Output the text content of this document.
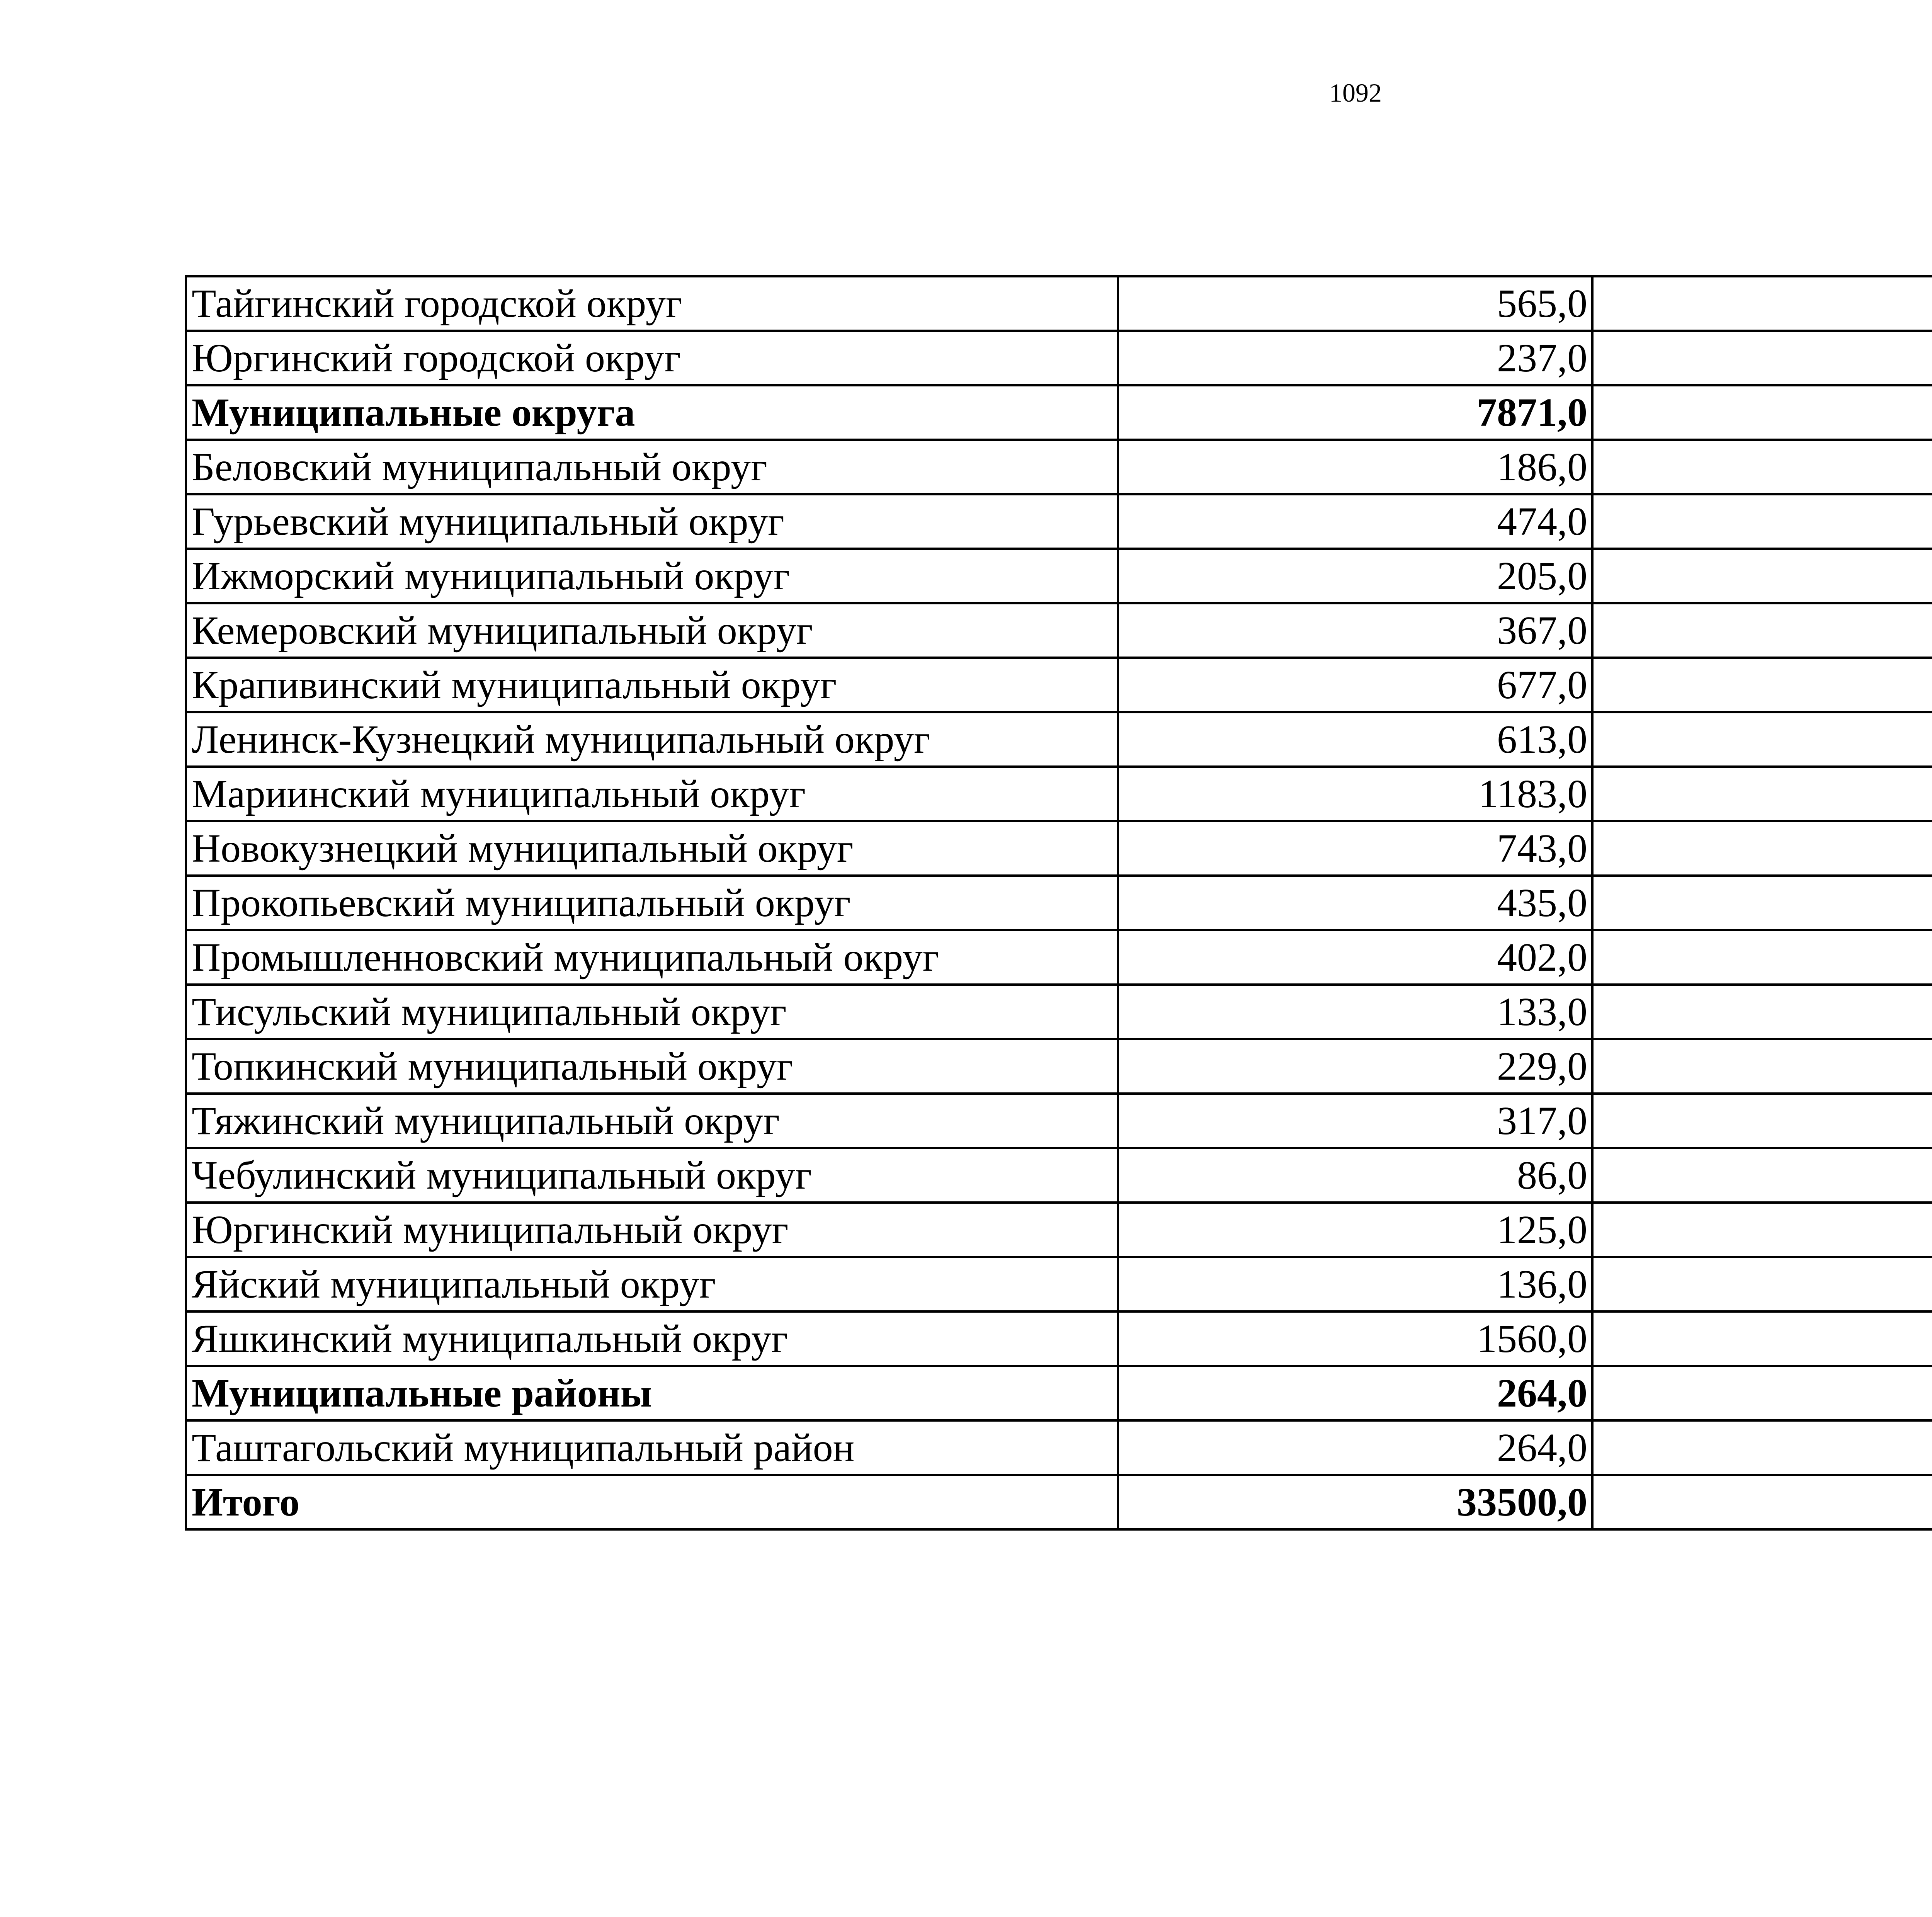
1092
Тайгинский городской округ	565,0	
Юргинский городской округ	237,0	
Муниципальные округа	7871,0	
Беловский муниципальный округ	186,0	
Гурьевский муниципальный округ	474,0	
Ижморский муниципальный округ	205,0	
Кемеровский муниципальный округ	367,0	
Крапивинский муниципальный округ	677,0	
Ленинск-Кузнецкий муниципальный округ	613,0	
Мариинский муниципальный округ	1183,0	
Новокузнецкий муниципальный округ	743,0	
Прокопьевский муниципальный округ	435,0	
Промышленновский муниципальный округ	402,0	
Тисульский муниципальный округ	133,0	
Топкинский муниципальный округ	229,0	
Тяжинский муниципальный округ	317,0	
Чебулинский муниципальный округ	86,0	
Юргинский муниципальный округ	125,0	
Яйский муниципальный округ	136,0	
Яшкинский муниципальный округ	1560,0	
Муниципальные районы	264,0	
Таштагольский муниципальный район	264,0	
Итого	33500,0	
